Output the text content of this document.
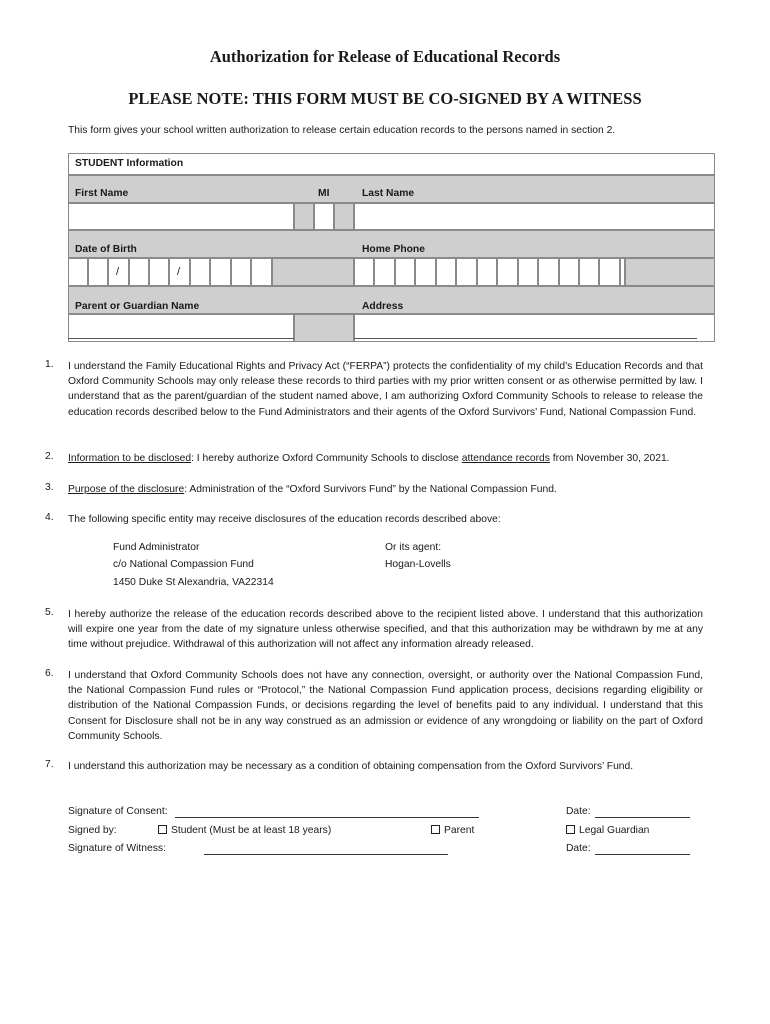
Authorization for Release of Educational Records
PLEASE NOTE: THIS FORM MUST BE CO-SIGNED BY A WITNESS
This form gives your school written authorization to release certain education records to the persons named in section 2.
STUDENT Information
First Name	MI	Last Name
Date of Birth	Home Phone
/	/
Parent or Guardian Name	Address
1. I understand the Family Educational Rights and Privacy Act (“FERPA”) protects the confidentiality of my child’s Education Records and that Oxford Community Schools may only release these records to third parties with my prior written consent or as otherwise permitted by law. I understand that as the parent/guardian of the student named above, I am authorizing Oxford Community Schools to release to release the education records described below to the Fund Administrators and their agents of the Oxford Survivors’ Fund, National Compassion Fund.
2. Information to be disclosed: I hereby authorize Oxford Community Schools to disclose attendance records from November 30, 2021.
3. Purpose of the disclosure: Administration of the “Oxford Survivors Fund” by the National Compassion Fund.
4. The following specific entity may receive disclosures of the education records described above:
Fund Administrator
c/o National Compassion Fund
1450 Duke St Alexandria, VA22314
Or its agent:
Hogan-Lovells
5. I hereby authorize the release of the education records described above to the recipient listed above. I understand that this authorization will expire one year from the date of my signature unless otherwise specified, and that this authorization may be withdrawn by me at any time without prejudice. Withdrawal of this authorization will not affect any information already released.
6. I understand that Oxford Community Schools does not have any connection, oversight, or authority over the National Compassion Fund, the National Compassion Fund rules or “Protocol,” the National Compassion Fund application process, decisions regarding eligibility or distribution of the National Compassion Funds, or decisions regarding the level of benefits paid to any individual. I understand that this Consent for Disclosure shall not be in any way construed as an admission or evidence of any wrongdoing or liability on the part of Oxford Community Schools.
7. I understand this authorization may be necessary as a condition of obtaining compensation from the Oxford Survivors’ Fund.
Signature of Consent:	Date:
Signed by:	Student (Must be at least 18 years)	Parent	Legal Guardian
Signature of Witness:	Date:
